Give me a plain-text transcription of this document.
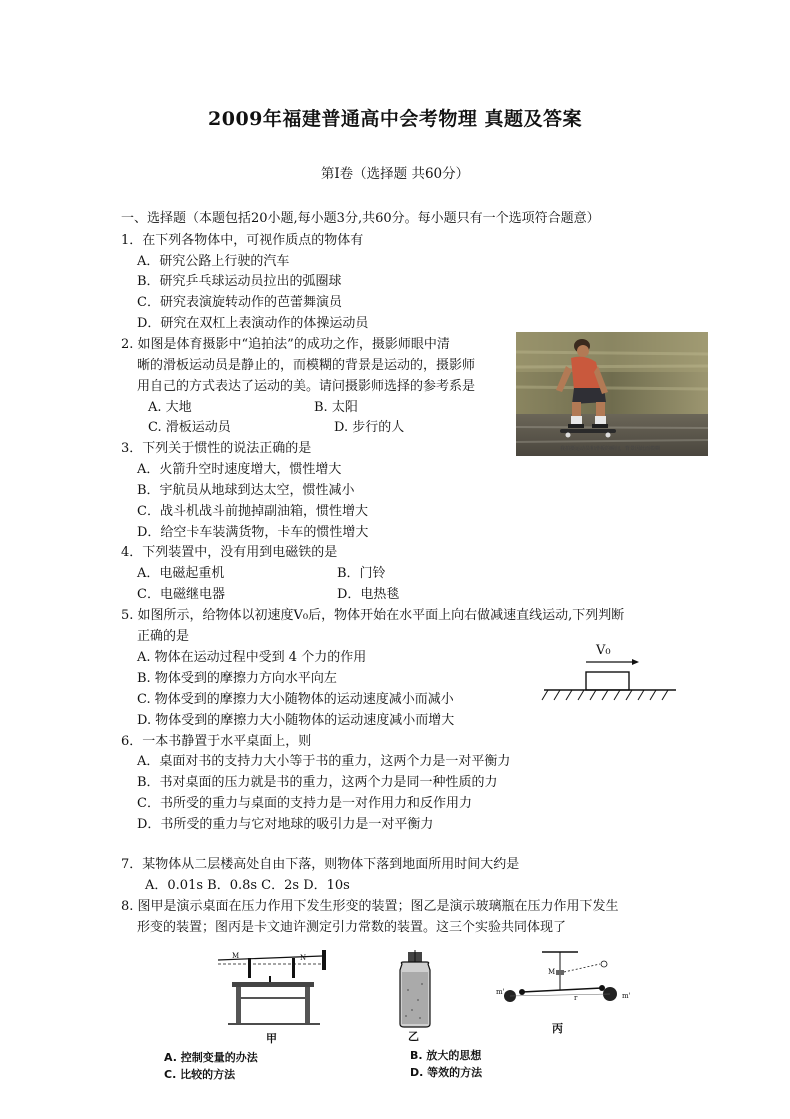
2009年福建普通高中会考物理 真题及答案
第Ⅰ卷（选择题 共60分）
一、选择题（本题包括20小题,每小题3分,共60分。每小题只有一个选项符合题意）
1．在下列各物体中，可视作质点的物体有
A．研究公路上行驶的汽车
B．研究乒乓球运动员拉出的弧圈球
C．研究表演旋转动作的芭蕾舞演员
D．研究在双杠上表演动作的体操运动员
2. 如图是体育摄影中“追拍法”的成功之作，摄影师眼中清
晰的滑板运动员是静止的，而模糊的背景是运动的，摄影师
用自己的方式表达了运动的美。请问摄影师选择的参考系是
A. 大地	B. 太阳
C. 滑板运动员	D. 步行的人
我拍摄运动员和滑板的瞬间，背景因此而模糊
3．下列关于惯性的说法正确的是
A．火箭升空时速度增大，惯性增大
B．宇航员从地球到达太空，惯性减小
C．战斗机战斗前抛掉副油箱，惯性增大
D．给空卡车装满货物，卡车的惯性增大
4．下列装置中，没有用到电磁铁的是
A．电磁起重机	B．门铃
C．电磁继电器	D．电热毯
5. 如图所示，给物体以初速度V₀后，物体开始在水平面上向右做减速直线运动,下列判断
正确的是
A. 物体在运动过程中受到 4 个力的作用
B. 物体受到的摩擦力方向水平向左
C. 物体受到的摩擦力大小随物体的运动速度减小而减小
D. 物体受到的摩擦力大小随物体的运动速度减小而增大
V₀
6．一本书静置于水平桌面上，则
A．桌面对书的支持力大小等于书的重力，这两个力是一对平衡力
B．书对桌面的压力就是书的重力，这两个力是同一种性质的力
C．书所受的重力与桌面的支持力是一对作用力和反作用力
D．书所受的重力与它对地球的吸引力是一对平衡力
7．某物体从二层楼高处自由下落，则物体下落到地面所用时间大约是
A．0.01s B．0.8s C．2s D．10s
8. 图甲是演示桌面在压力作用下发生形变的装置；图乙是演示玻璃瓶在压力作用下发生
形变的装置；图丙是卡文迪许测定引力常数的装置。这三个实验共同体现了
M	N
甲	乙
M
m'	m'
r
丙
A. 控制变量的办法	B. 放大的思想
C. 比较的方法	D. 等效的方法
